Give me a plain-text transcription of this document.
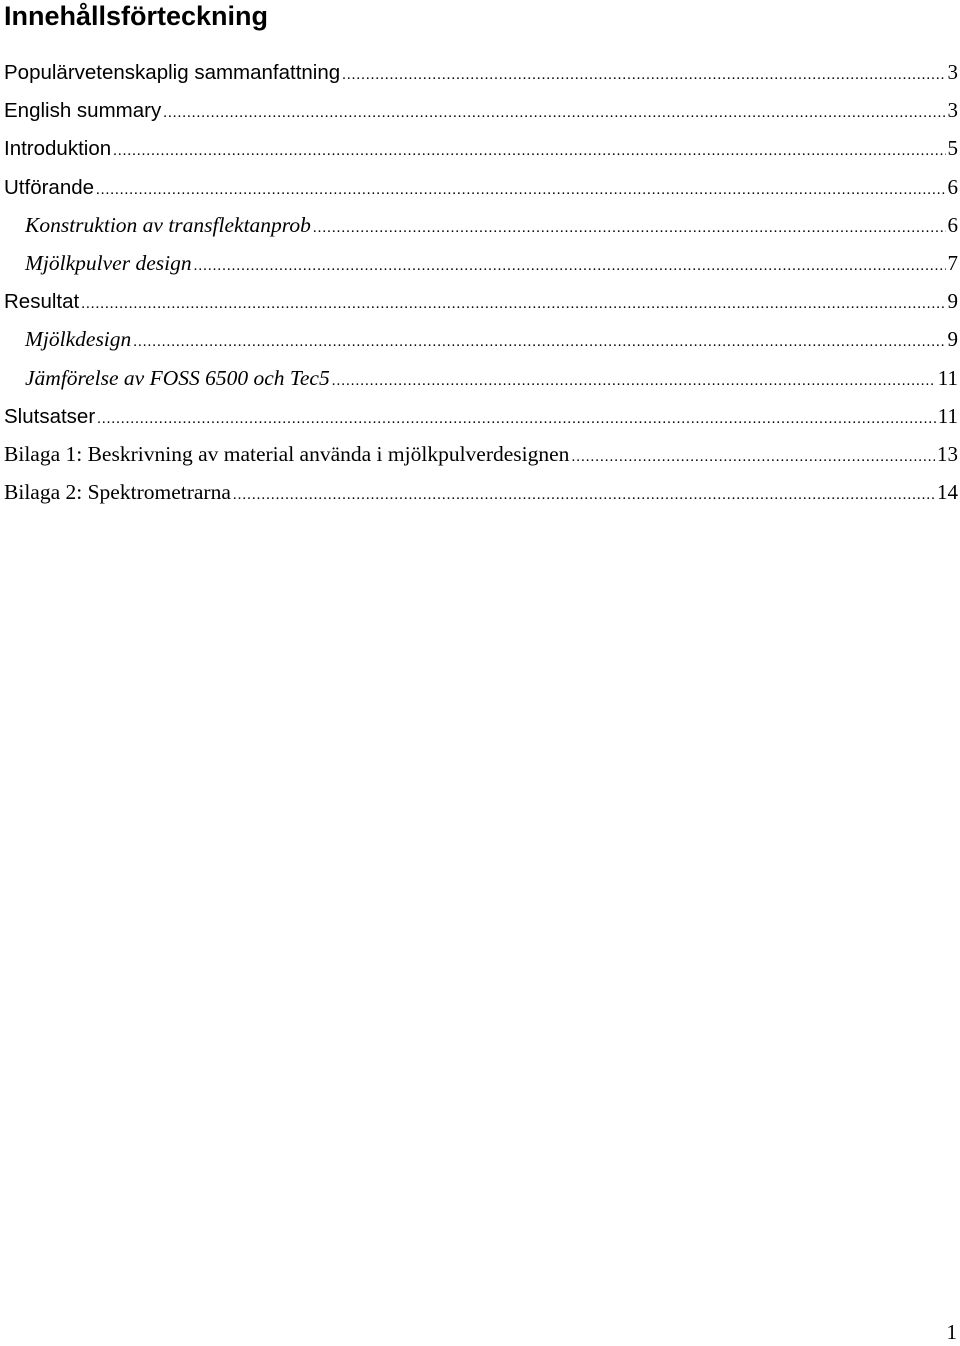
Innehållsförteckning
Populärvetenskaplig sammanfattning .....	3
English summary .....	3
Introduktion .....	5
Utförande .....	6
Konstruktion av transflektanprob .....	6
Mjölkpulver design .....	7
Resultat .....	9
Mjölkdesign .....	9
Jämförelse av FOSS 6500 och Tec5 .....	11
Slutsatser .....	11
Bilaga 1: Beskrivning av material använda i mjölkpulverdesignen .....	13
Bilaga 2: Spektrometrarna .....	14
1
